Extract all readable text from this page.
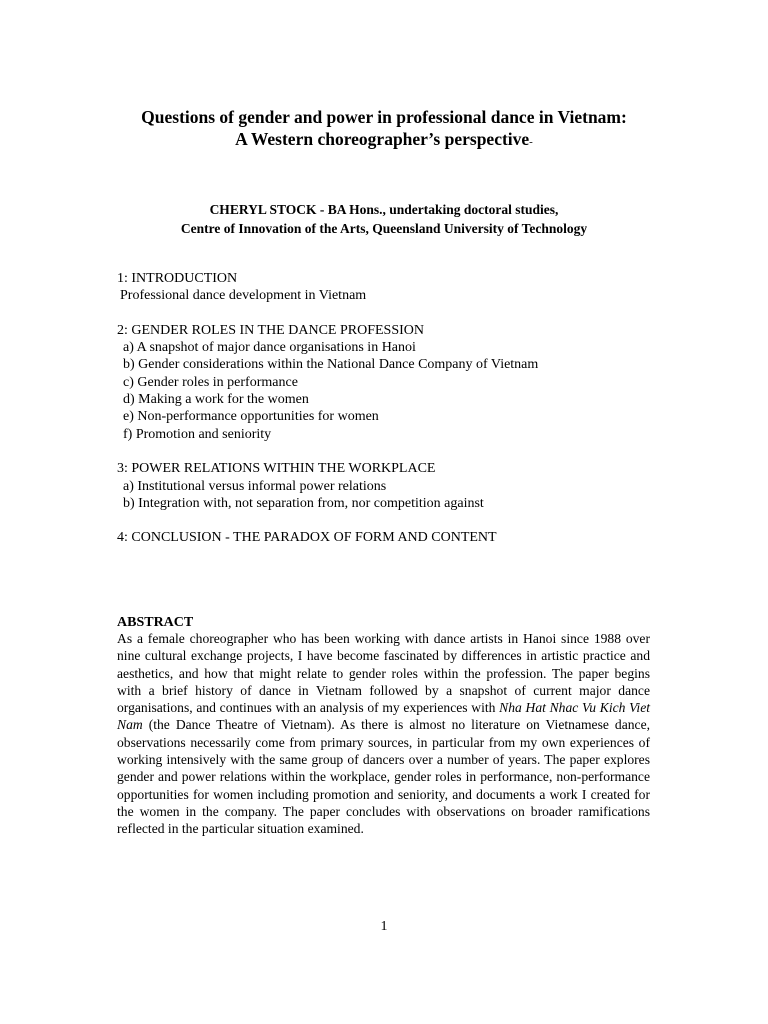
Questions of gender and power in professional dance in Vietnam:
A Western choreographer’s perspective-
CHERYL STOCK - BA Hons., undertaking doctoral studies,
Centre of Innovation of the Arts, Queensland University of Technology
1: INTRODUCTION
Professional dance development in Vietnam
2: GENDER ROLES IN THE DANCE PROFESSION
a) A snapshot of major dance organisations in Hanoi
b) Gender considerations within the National Dance Company of Vietnam
c) Gender roles in performance
d) Making a work for the women
e) Non-performance opportunities for women
f) Promotion and seniority
3: POWER RELATIONS WITHIN THE WORKPLACE
a) Institutional versus informal power relations
b) Integration with, not separation from, nor competition against
4: CONCLUSION - THE PARADOX OF FORM AND CONTENT
ABSTRACT
As a female choreographer who has been working with dance artists in Hanoi since 1988 over
nine cultural exchange projects, I have become fascinated by differences in artistic practice and
aesthetics, and how that might relate to gender roles within the profession. The paper begins
with a brief history of dance in Vietnam followed by a snapshot of current major dance
organisations, and continues with an analysis of my experiences with Nha Hat Nhac Vu Kich Viet
Nam (the Dance Theatre of Vietnam). As there is almost no literature on Vietnamese dance,
observations necessarily come from primary sources, in particular from my own experiences of
working intensively with the same group of dancers over a number of years. The paper explores
gender and power relations within the workplace, gender roles in performance, non-performance
opportunities for women including promotion and seniority, and documents a work I created for
the women in the company. The paper concludes with observations on broader ramifications
reflected in the particular situation examined.
1
